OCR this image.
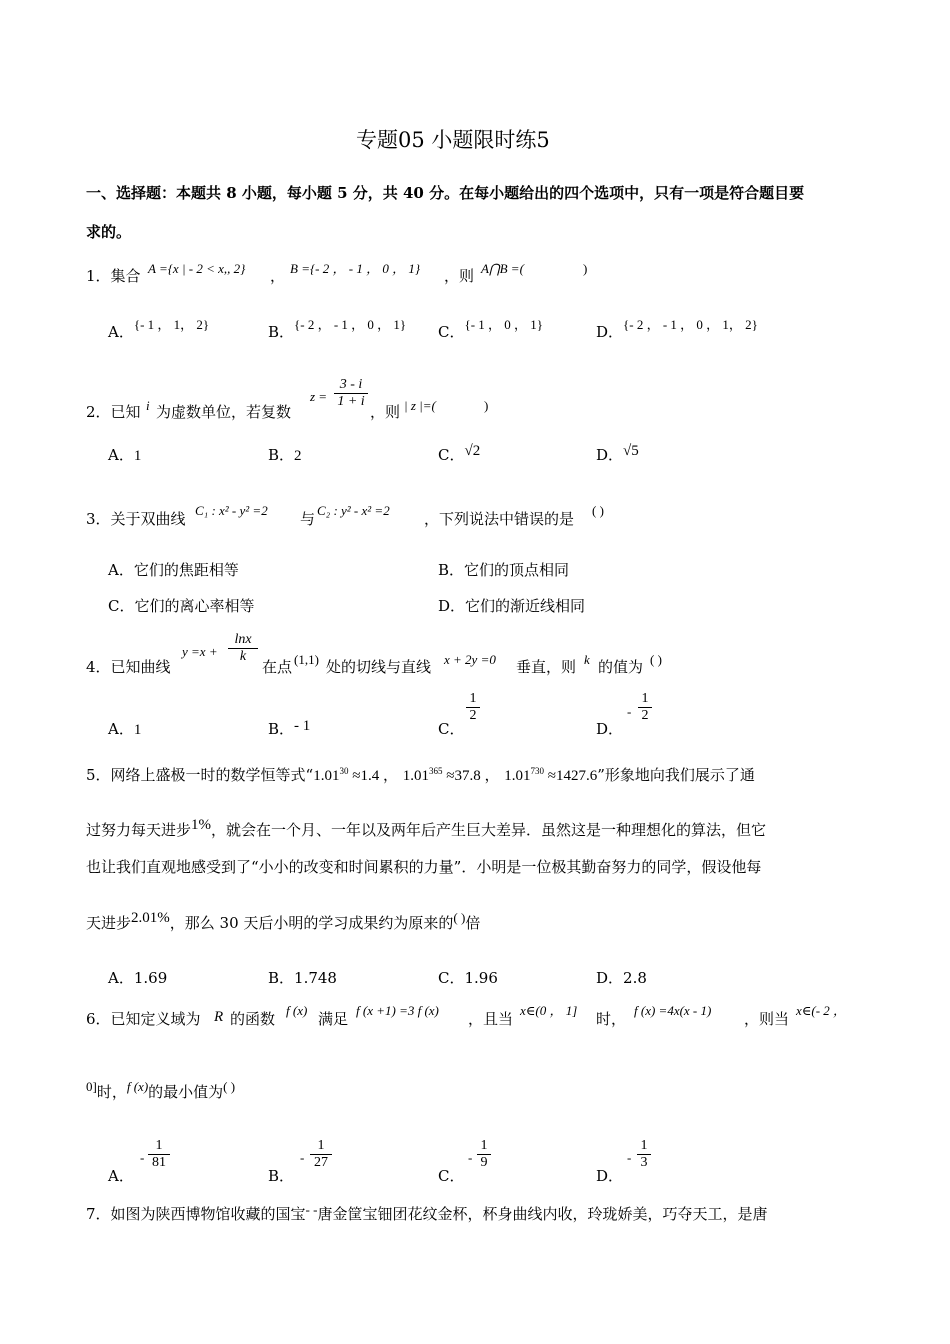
专题05 小题限时练5
一、选择题：本题共 8 小题，每小题 5 分，共 40 分。在每小题给出的四个选项中，只有一项是符合题目要
求的。
1．集合 A ={x | - 2 < x,, 2} ， B ={- 2 ， - 1 ， 0 ， 1} ，则 A⋂B =(	)
A．{- 1 ， 1， 2}	B．{- 2 ， - 1 ， 0 ， 1} C．{- 1 ， 0 ， 1}	D．{- 2 ， - 1 ， 0 ， 1， 2}
2．已知 i 为虚数单位，若复数
$z = \frac{3 - i}{1 + i}$
，则 | z |=(	)
A．1	B．2	C．√2	D．√5
3．关于双曲线 C₁ : x² - y² =2 与 C₂ : y² - x² =2 ，下列说法中错误的是 ( )
A．它们的焦距相等	B．它们的顶点相同
C．它们的离心率相等	D．它们的渐近线相同
4．已知曲线
$y =x + \frac{\ln x}{k}$
在点 (1,1) 处的切线与直线 x + 2y =0 垂直，则 k 的值为 ( )
A．1	B．- 1	C．
$\frac{1}{2}$
D．
- $\frac{1}{2}$
5．网络上盛极一时的数学恒等式“$1.01^{30} \approx 1.4$ ， $1.01^{365} \approx 37.8$ ， $1.01^{730} \approx 1427.6$”形象地向我们展示了通
过努力每天进步1%，就会在一个月、一年以及两年后产生巨大差异．虽然这是一种理想化的算法，但它
也让我们直观地感受到了“小小的改变和时间累积的力量”．小明是一位极其勤奋努力的同学，假设他每
天进步2.01%，那么 30 天后小明的学习成果约为原来的( )倍
A．1.69	B．1.748	C．1.96	D．2.8
6．已知定义域为 R 的函数 f (x) 满足 f (x +1) =3 f (x) ，且当 x∈(0 ， 1] 时， f (x) =4x(x - 1) ，则当 x∈(- 2 ，
0]时，f (x)的最小值为( )
A．
- $\frac{1}{81}$
B．
- $\frac{1}{27}$
C．
- $\frac{1}{9}$
D．
- $\frac{1}{3}$
7．如图为陕西博物馆收藏的国宝- -唐金筐宝钿团花纹金杯，杯身曲线内收，玲珑娇美，巧夺天工，是唐
